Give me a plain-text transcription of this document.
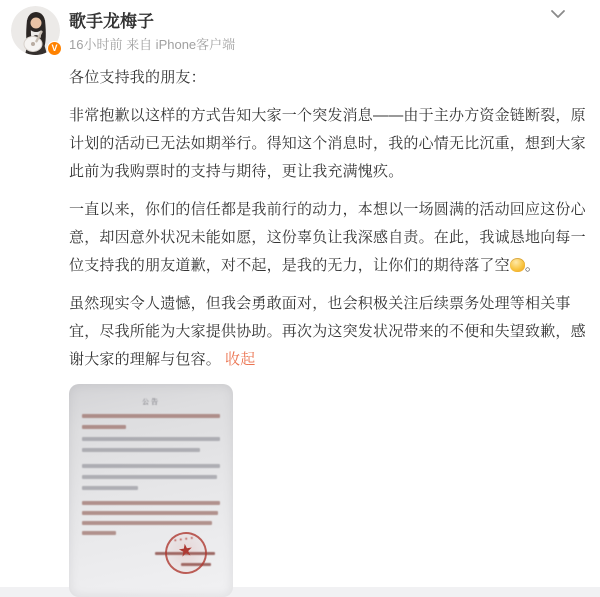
V
歌手龙梅子
16小时前 来自 iPhone客户端

各位支持我的朋友：

非常抱歉以这样的方式告知大家一个突发消息——由于主办方资金链断裂，原计划的活动已无法如期举行。得知这个消息时，我的心情无比沉重，想到大家此前为我购票时的支持与期待，更让我充满愧疚。

一直以来，你们的信任都是我前行的动力，本想以一场圆满的活动回应这份心意，却因意外状况未能如愿，这份辜负让我深感自责。在此，我诚恳地向每一位支持我的朋友道歉，对不起，是我的无力，让你们的期待落了空 。

虽然现实令人遗憾，但我会勇敢面对，也会积极关注后续票务处理等相关事宜，尽我所能为大家提供协助。再次为这突发状况带来的不便和失望致歉，感谢大家的理解与包容。 收起

公告
● ● ● ●
★
